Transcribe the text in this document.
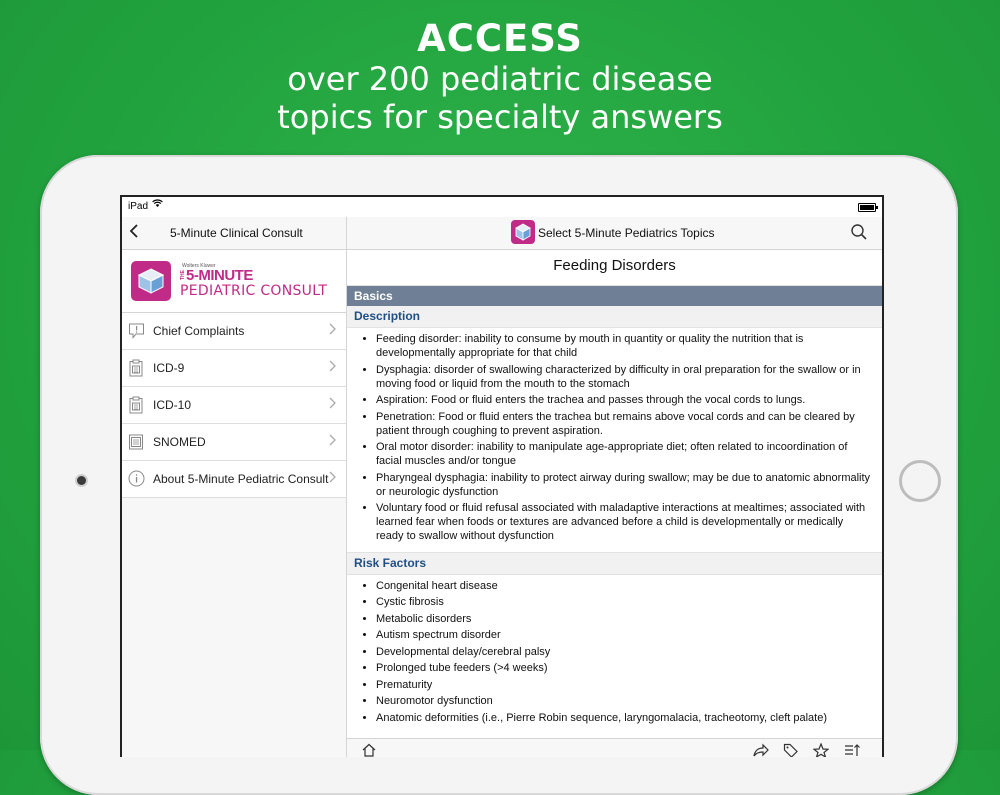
ACCESS
over 200 pediatric disease
topics for specialty answers
iPad
5-Minute Clinical Consult
Wolters Kluwer
THE 5-MINUTE
PEDIATRIC CONSULT
Chief Complaints
ICD-9
ICD-10
SNOMED
About 5-Minute Pediatric Consult
Select 5-Minute Pediatrics Topics
Feeding Disorders
Basics
Description
• Feeding disorder: inability to consume by mouth in quantity or quality the nutrition that is developmentally appropriate for that child
• Dysphagia: disorder of swallowing characterized by difficulty in oral preparation for the swallow or in moving food or liquid from the mouth to the stomach
• Aspiration: Food or fluid enters the trachea and passes through the vocal cords to lungs.
• Penetration: Food or fluid enters the trachea but remains above vocal cords and can be cleared by patient through coughing to prevent aspiration.
• Oral motor disorder: inability to manipulate age-appropriate diet; often related to incoordination of facial muscles and/or tongue
• Pharyngeal dysphagia: inability to protect airway during swallow; may be due to anatomic abnormality or neurologic dysfunction
• Voluntary food or fluid refusal associated with maladaptive interactions at mealtimes; associated with learned fear when foods or textures are advanced before a child is developmentally or medically ready to swallow without dysfunction
Risk Factors
• Congenital heart disease
• Cystic fibrosis
• Metabolic disorders
• Autism spectrum disorder
• Developmental delay/cerebral palsy
• Prolonged tube feeders (>4 weeks)
• Prematurity
• Neuromotor dysfunction
• Anatomic deformities (i.e., Pierre Robin sequence, laryngomalacia, tracheotomy, cleft palate)
